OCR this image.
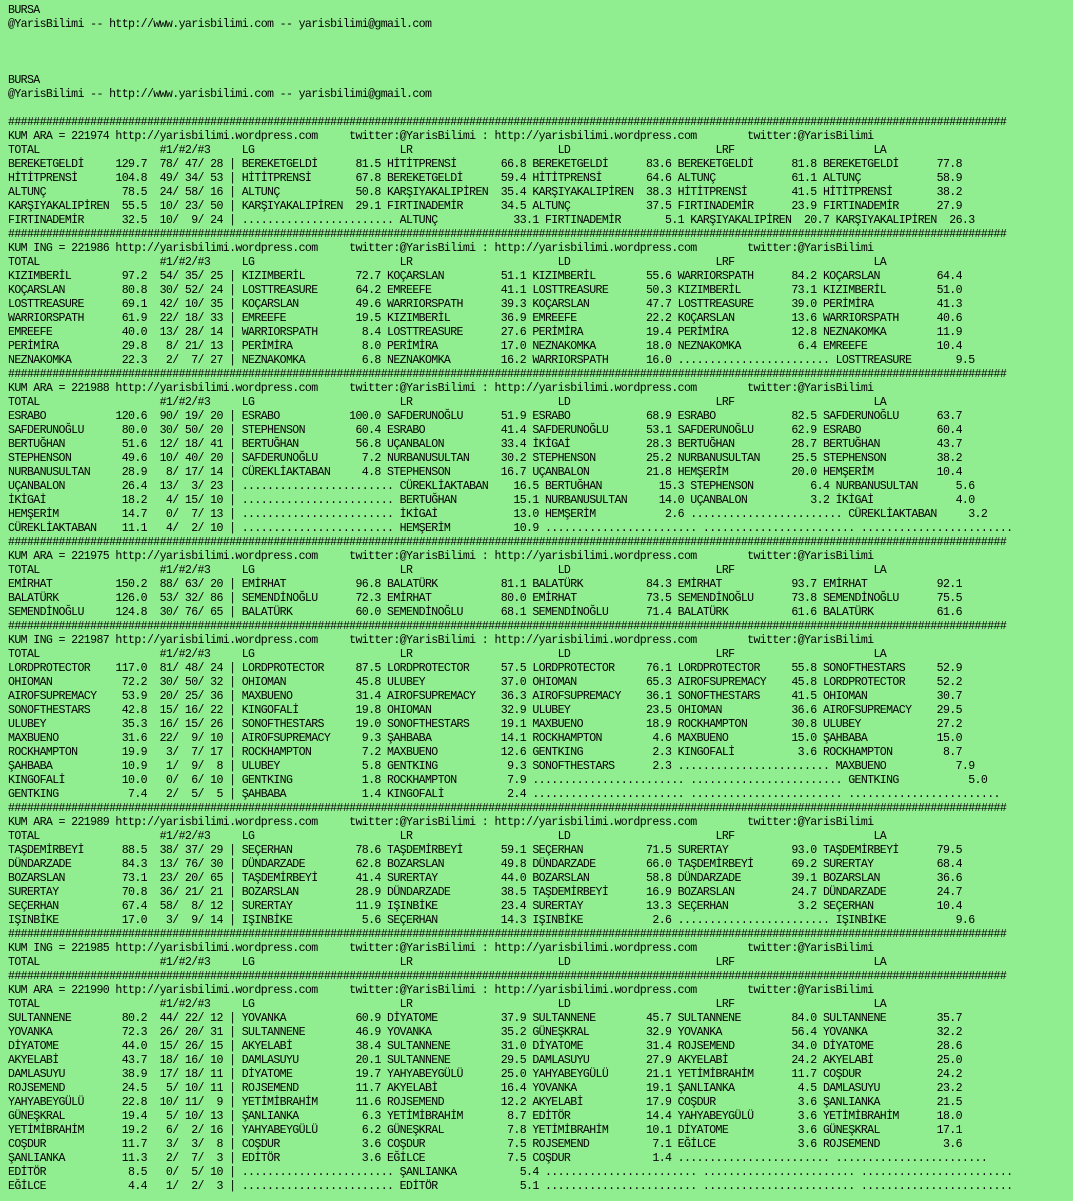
BURSA
@YarisBilimi -- http://www.yarisbilimi.com -- yarisbilimi@gmail.com

BURSA
@YarisBilimi -- http://www.yarisbilimi.com -- yarisbilimi@gmail.com

##############################################################################################################################################################
KUM ARA = 221974 http://yarisbilimi.wordpress.com     twitter:@YarisBilimi : http://yarisbilimi.wordpress.com        twitter:@YarisBilimi
TOTAL                   #1/#2/#3     LG                       LR                       LD                       LRF                      LA
BEREKETGELDİ     129.7  78/ 47/ 28 | BEREKETGELDİ      81.5 HİTİTPRENSİ       66.8 BEREKETGELDİ      83.6 BEREKETGELDİ      81.8 BEREKETGELDİ      77.8
HİTİTPRENSİ      104.8  49/ 34/ 53 | HİTİTPRENSİ       67.8 BEREKETGELDİ      59.4 HİTİTPRENSİ       64.6 ALTUNÇ            61.1 ALTUNÇ            58.9
ALTUNÇ            78.5  24/ 58/ 16 | ALTUNÇ            50.8 KARŞIYAKALIPİREN  35.4 KARŞIYAKALIPİREN  38.3 HİTİTPRENSİ       41.5 HİTİTPRENSİ       38.2
KARŞIYAKALIPİREN  55.5  10/ 23/ 50 | KARŞIYAKALIPİREN  29.1 FIRTINADEMİR      34.5 ALTUNÇ            37.5 FIRTINADEMİR      23.9 FIRTINADEMİR      27.9
FIRTINADEMİR      32.5  10/  9/ 24 | ........................ ALTUNÇ            33.1 FIRTINADEMİR       5.1 KARŞIYAKALIPİREN  20.7 KARŞIYAKALIPİREN  26.3
##############################################################################################################################################################
KUM ING = 221986 http://yarisbilimi.wordpress.com     twitter:@YarisBilimi : http://yarisbilimi.wordpress.com        twitter:@YarisBilimi
TOTAL                   #1/#2/#3     LG                       LR                       LD                       LRF                      LA
KIZIMBERİL        97.2  54/ 35/ 25 | KIZIMBERİL        72.7 KOÇARSLAN         51.1 KIZIMBERİL        55.6 WARRIORSPATH      84.2 KOÇARSLAN         64.4
KOÇARSLAN         80.8  30/ 52/ 24 | LOSTTREASURE      64.2 EMREEFE           41.1 LOSTTREASURE      50.3 KIZIMBERİL        73.1 KIZIMBERİL        51.0
LOSTTREASURE      69.1  42/ 10/ 35 | KOÇARSLAN         49.6 WARRIORSPATH      39.3 KOÇARSLAN         47.7 LOSTTREASURE      39.0 PERİMİRA          41.3
WARRIORSPATH      61.9  22/ 18/ 33 | EMREEFE           19.5 KIZIMBERİL        36.9 EMREEFE           22.2 KOÇARSLAN         13.6 WARRIORSPATH      40.6
EMREEFE           40.0  13/ 28/ 14 | WARRIORSPATH       8.4 LOSTTREASURE      27.6 PERİMİRA          19.4 PERİMİRA          12.8 NEZNAKOMKA        11.9
PERİMİRA          29.8   8/ 21/ 13 | PERİMİRA           8.0 PERİMİRA          17.0 NEZNAKOMKA        18.0 NEZNAKOMKA         6.4 EMREEFE           10.4
NEZNAKOMKA        22.3   2/  7/ 27 | NEZNAKOMKA         6.8 NEZNAKOMKA        16.2 WARRIORSPATH      16.0 ........................ LOSTTREASURE       9.5
##############################################################################################################################################################
KUM ARA = 221988 http://yarisbilimi.wordpress.com     twitter:@YarisBilimi : http://yarisbilimi.wordpress.com        twitter:@YarisBilimi
TOTAL                   #1/#2/#3     LG                       LR                       LD                       LRF                      LA
ESRABO           120.6  90/ 19/ 20 | ESRABO           100.0 SAFDERUNOĞLU      51.9 ESRABO            68.9 ESRABO            82.5 SAFDERUNOĞLU      63.7
SAFDERUNOĞLU      80.0  30/ 50/ 20 | STEPHENSON        60.4 ESRABO            41.4 SAFDERUNOĞLU      53.1 SAFDERUNOĞLU      62.9 ESRABO            60.4
BERTUĞHAN         51.6  12/ 18/ 41 | BERTUĞHAN         56.8 UÇANBALON         33.4 İKİGAİ            28.3 BERTUĞHAN         28.7 BERTUĞHAN         43.7
STEPHENSON        49.6  10/ 40/ 20 | SAFDERUNOĞLU       7.2 NURBANUSULTAN     30.2 STEPHENSON        25.2 NURBANUSULTAN     25.5 STEPHENSON        38.2
NURBANUSULTAN     28.9   8/ 17/ 14 | CÜREKLİAKTABAN     4.8 STEPHENSON        16.7 UÇANBALON         21.8 HEMŞERİM          20.0 HEMŞERİM          10.4
UÇANBALON         26.4  13/  3/ 23 | ........................ CÜREKLİAKTABAN    16.5 BERTUĞHAN         15.3 STEPHENSON         6.4 NURBANUSULTAN      5.6
İKİGAİ            18.2   4/ 15/ 10 | ........................ BERTUĞHAN         15.1 NURBANUSULTAN     14.0 UÇANBALON          3.2 İKİGAİ             4.0
HEMŞERİM          14.7   0/  7/ 13 | ........................ İKİGAİ            13.0 HEMŞERİM           2.6 ........................ CÜREKLİAKTABAN     3.2
CÜREKLİAKTABAN    11.1   4/  2/ 10 | ........................ HEMŞERİM          10.9 ........................ ........................ ........................
##############################################################################################################################################################
KUM ARA = 221975 http://yarisbilimi.wordpress.com     twitter:@YarisBilimi : http://yarisbilimi.wordpress.com        twitter:@YarisBilimi
TOTAL                   #1/#2/#3     LG                       LR                       LD                       LRF                      LA
EMİRHAT          150.2  88/ 63/ 20 | EMİRHAT           96.8 BALATÜRK          81.1 BALATÜRK          84.3 EMİRHAT           93.7 EMİRHAT           92.1
BALATÜRK         126.0  53/ 32/ 86 | SEMENDİNOĞLU      72.3 EMİRHAT           80.0 EMİRHAT           73.5 SEMENDİNOĞLU      73.8 SEMENDİNOĞLU      75.5
SEMENDİNOĞLU     124.8  30/ 76/ 65 | BALATÜRK          60.0 SEMENDİNOĞLU      68.1 SEMENDİNOĞLU      71.4 BALATÜRK          61.6 BALATÜRK          61.6
##############################################################################################################################################################
KUM ING = 221987 http://yarisbilimi.wordpress.com     twitter:@YarisBilimi : http://yarisbilimi.wordpress.com        twitter:@YarisBilimi
TOTAL                   #1/#2/#3     LG                       LR                       LD                       LRF                      LA
LORDPROTECTOR    117.0  81/ 48/ 24 | LORDPROTECTOR     87.5 LORDPROTECTOR     57.5 LORDPROTECTOR     76.1 LORDPROTECTOR     55.8 SONOFTHESTARS     52.9
OHIOMAN           72.2  30/ 50/ 32 | OHIOMAN           45.8 ULUBEY            37.0 OHIOMAN           65.3 AIROFSUPREMACY    45.8 LORDPROTECTOR     52.2
AIROFSUPREMACY    53.9  20/ 25/ 36 | MAXBUENO          31.4 AIROFSUPREMACY    36.3 AIROFSUPREMACY    36.1 SONOFTHESTARS     41.5 OHIOMAN           30.7
SONOFTHESTARS     42.8  15/ 16/ 22 | KINGOFALİ         19.8 OHIOMAN           32.9 ULUBEY            23.5 OHIOMAN           36.6 AIROFSUPREMACY    29.5
ULUBEY            35.3  16/ 15/ 26 | SONOFTHESTARS     19.0 SONOFTHESTARS     19.1 MAXBUENO          18.9 ROCKHAMPTON       30.8 ULUBEY            27.2
MAXBUENO          31.6  22/  9/ 10 | AIROFSUPREMACY     9.3 ŞAHBABA           14.1 ROCKHAMPTON        4.6 MAXBUENO          15.0 ŞAHBABA           15.0
ROCKHAMPTON       19.9   3/  7/ 17 | ROCKHAMPTON        7.2 MAXBUENO          12.6 GENTKING           2.3 KINGOFALİ          3.6 ROCKHAMPTON        8.7
ŞAHBABA           10.9   1/  9/  8 | ULUBEY             5.8 GENTKING           9.3 SONOFTHESTARS      2.3 ........................ MAXBUENO           7.9
KINGOFALİ         10.0   0/  6/ 10 | GENTKING           1.8 ROCKHAMPTON        7.9 ........................ ........................ GENTKING           5.0
GENTKING           7.4   2/  5/  5 | ŞAHBABA            1.4 KINGOFALİ          2.4 ........................ ........................ ........................
##############################################################################################################################################################
KUM ARA = 221989 http://yarisbilimi.wordpress.com     twitter:@YarisBilimi : http://yarisbilimi.wordpress.com        twitter:@YarisBilimi
TOTAL                   #1/#2/#3     LG                       LR                       LD                       LRF                      LA
TAŞDEMİRBEYİ      88.5  38/ 37/ 29 | SEÇERHAN          78.6 TAŞDEMİRBEYİ      59.1 SEÇERHAN          71.5 SURERTAY          93.0 TAŞDEMİRBEYİ      79.5
DÜNDARZADE        84.3  13/ 76/ 30 | DÜNDARZADE        62.8 BOZARSLAN         49.8 DÜNDARZADE        66.0 TAŞDEMİRBEYİ      69.2 SURERTAY          68.4
BOZARSLAN         73.1  23/ 20/ 65 | TAŞDEMİRBEYİ      41.4 SURERTAY          44.0 BOZARSLAN         58.8 DÜNDARZADE        39.1 BOZARSLAN         36.6
SURERTAY          70.8  36/ 21/ 21 | BOZARSLAN         28.9 DÜNDARZADE        38.5 TAŞDEMİRBEYİ      16.9 BOZARSLAN         24.7 DÜNDARZADE        24.7
SEÇERHAN          67.4  58/  8/ 12 | SURERTAY          11.9 IŞINBİKE          23.4 SURERTAY          13.3 SEÇERHAN           3.2 SEÇERHAN          10.4
IŞINBİKE          17.0   3/  9/ 14 | IŞINBİKE           5.6 SEÇERHAN          14.3 IŞINBİKE           2.6 ........................ IŞINBİKE           9.6
##############################################################################################################################################################
KUM ING = 221985 http://yarisbilimi.wordpress.com     twitter:@YarisBilimi : http://yarisbilimi.wordpress.com        twitter:@YarisBilimi
TOTAL                   #1/#2/#3     LG                       LR                       LD                       LRF                      LA
##############################################################################################################################################################
KUM ARA = 221990 http://yarisbilimi.wordpress.com     twitter:@YarisBilimi : http://yarisbilimi.wordpress.com        twitter:@YarisBilimi
TOTAL                   #1/#2/#3     LG                       LR                       LD                       LRF                      LA
SULTANNENE        80.2  44/ 22/ 12 | YOVANKA           60.9 DİYATOME          37.9 SULTANNENE        45.7 SULTANNENE        84.0 SULTANNENE        35.7
YOVANKA           72.3  26/ 20/ 31 | SULTANNENE        46.9 YOVANKA           35.2 GÜNEŞKRAL         32.9 YOVANKA           56.4 YOVANKA           32.2
DİYATOME          44.0  15/ 26/ 15 | AKYELABİ          38.4 SULTANNENE        31.0 DİYATOME          31.4 ROJSEMEND         34.0 DİYATOME          28.6
AKYELABİ          43.7  18/ 16/ 10 | DAMLASUYU         20.1 SULTANNENE        29.5 DAMLASUYU         27.9 AKYELABİ          24.2 AKYELABİ          25.0
DAMLASUYU         38.9  17/ 18/ 11 | DİYATOME          19.7 YAHYABEYGÜLÜ      25.0 YAHYABEYGÜLÜ      21.1 YETİMİBRAHİM      11.7 COŞDUR            24.2
ROJSEMEND         24.5   5/ 10/ 11 | ROJSEMEND         11.7 AKYELABİ          16.4 YOVANKA           19.1 ŞANLIANKA          4.5 DAMLASUYU         23.2
YAHYABEYGÜLÜ      22.8  10/ 11/  9 | YETİMİBRAHİM      11.6 ROJSEMEND         12.2 AKYELABİ          17.9 COŞDUR             3.6 ŞANLIANKA         21.5
GÜNEŞKRAL         19.4   5/ 10/ 13 | ŞANLIANKA          6.3 YETİMİBRAHİM       8.7 EDİTÖR            14.4 YAHYABEYGÜLÜ       3.6 YETİMİBRAHİM      18.0
YETİMİBRAHİM      19.2   6/  2/ 16 | YAHYABEYGÜLÜ       6.2 GÜNEŞKRAL          7.8 YETİMİBRAHİM      10.1 DİYATOME           3.6 GÜNEŞKRAL         17.1
COŞDUR            11.7   3/  3/  8 | COŞDUR             3.6 COŞDUR             7.5 ROJSEMEND          7.1 EĞİLCE             3.6 ROJSEMEND          3.6
ŞANLIANKA         11.3   2/  7/  3 | EDİTÖR             3.6 EĞİLCE             7.5 COŞDUR             1.4 ........................ ........................
EDİTÖR             8.5   0/  5/ 10 | ........................ ŞANLIANKA          5.4 ........................ ........................ ........................
EĞİLCE             4.4   1/  2/  3 | ........................ EDİTÖR             5.1 ........................ ........................ ........................
